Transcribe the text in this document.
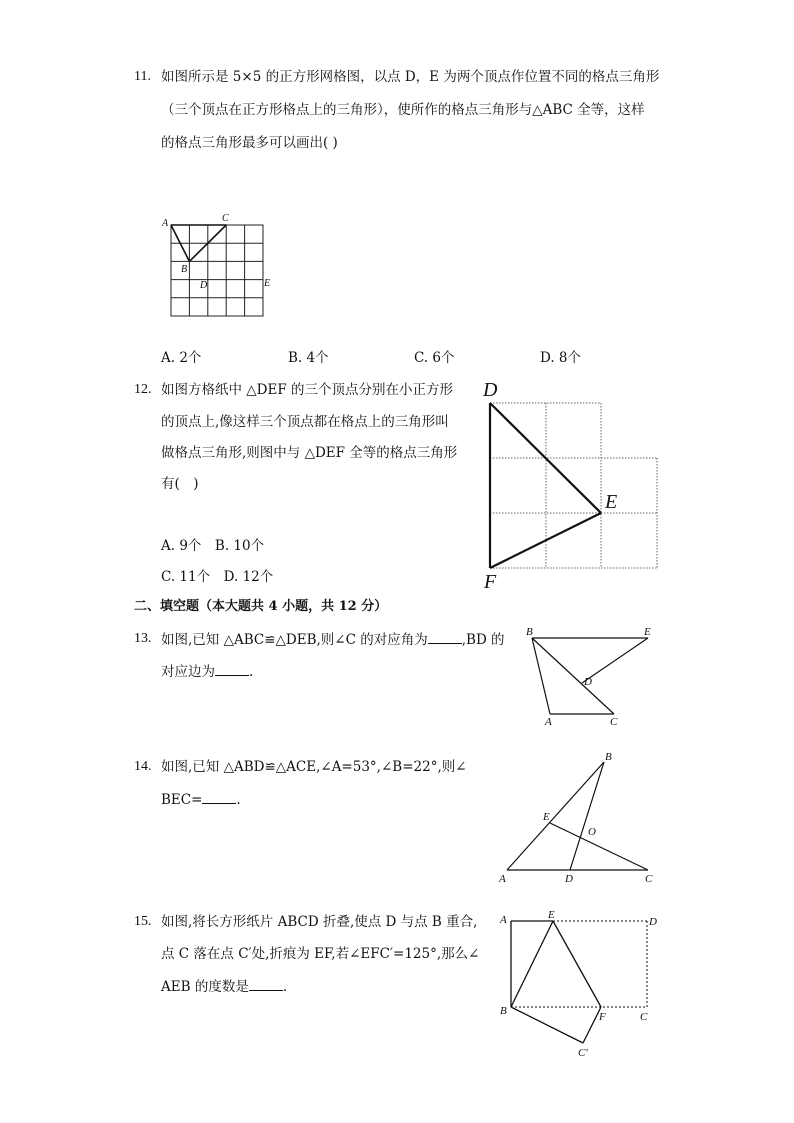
11. 如图所示是 5×5 的正方形网格图，以点 D，E 为两个顶点作位置不同的格点三角形
（三个顶点在正方形格点上的三角形），使所作的格点三角形与△ABC 全等，这样
的格点三角形最多可以画出( )
A	C
B
D	E
A. 2个	B. 4个	C. 6个	D. 8个
12. 如图方格纸中 △DEF 的三个顶点分别在小正方形
的顶点上,像这样三个顶点都在格点上的三角形叫
做格点三角形,则图中与 △DEF 全等的格点三角形
有(　)
A. 9个　B. 10个
C. 11个　D. 12个
D
E
F
二、填空题（本大题共 4 小题，共 12 分）
13. 如图,已知 △ABC≌△DEB,则∠C 的对应角为	,BD 的
对应边为	.
B	E
D
A	C
14. 如图,已知 △ABD≌△ACE,∠A=53°,∠B=22°,则∠
BEC=	.
B
E
O
A	D	C
15. 如图,将长方形纸片 ABCD 折叠,使点 D 与点 B 重合,
点 C 落在点 C′处,折痕为 EF,若∠EFC′=125°,那么∠
AEB 的度数是	.
A	E
D
B	F	C
C′
